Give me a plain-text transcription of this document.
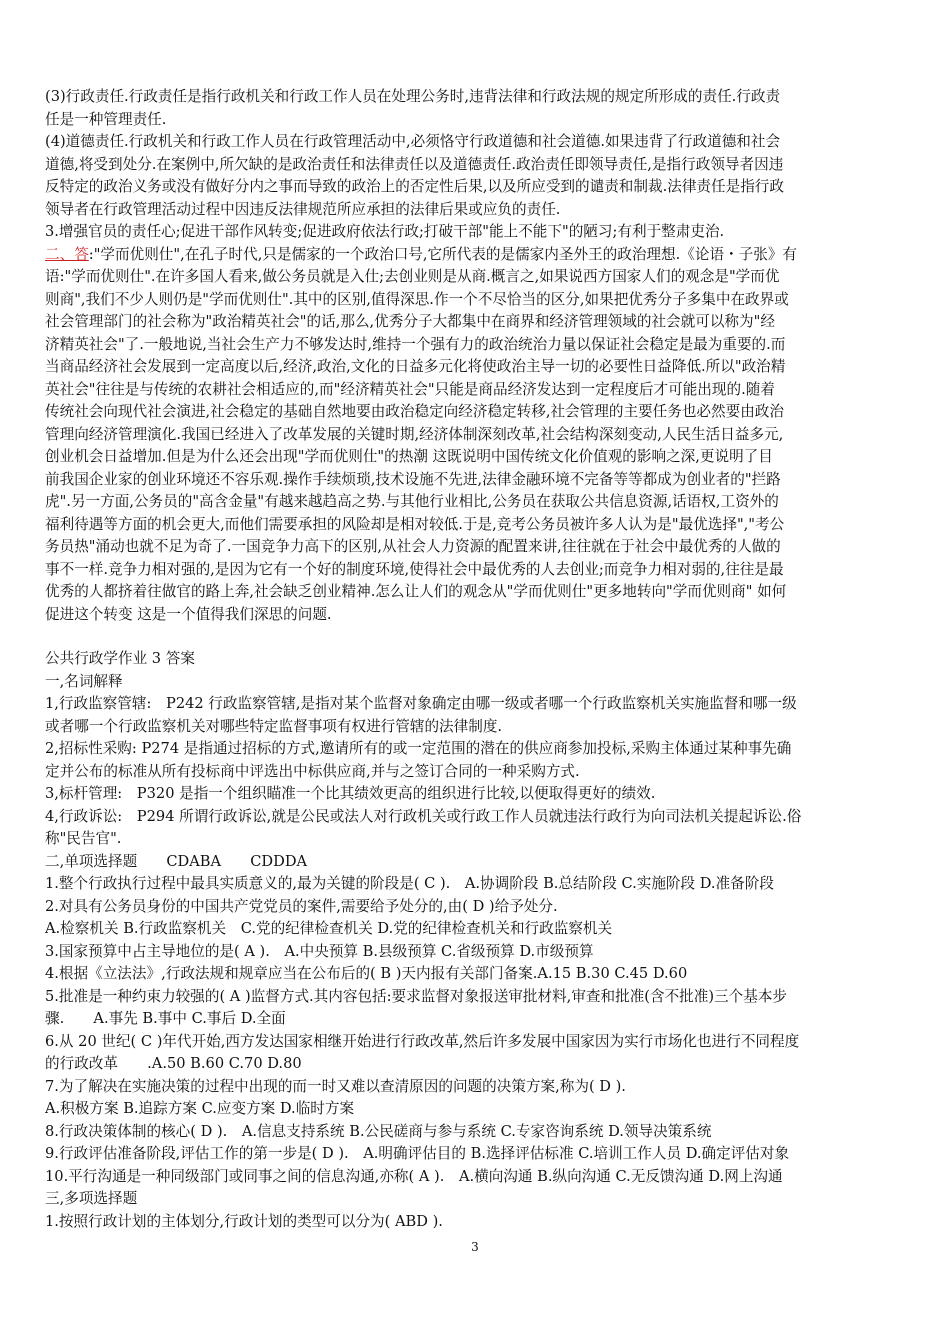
(3)行政责任.行政责任是指行政机关和行政工作人员在处理公务时,违背法律和行政法规的规定所形成的责任.行政责
任是一种管理责任.
(4)道德责任.行政机关和行政工作人员在行政管理活动中,必须恪守行政道德和社会道德.如果违背了行政道德和社会
道德,将受到处分.在案例中,所欠缺的是政治责任和法律责任以及道德责任.政治责任即领导责任,是指行政领导者因违
反特定的政治义务或没有做好分内之事而导致的政治上的否定性后果,以及所应受到的谴责和制裁.法律责任是指行政
领导者在行政管理活动过程中因违反法律规范所应承担的法律后果或应负的责任.
3.增强官员的责任心;促进干部作风转变;促进政府依法行政;打破干部"能上不能下"的陋习;有利于整肃吏治.
二、答:"学而优则仕",在孔子时代,只是儒家的一个政治口号,它所代表的是儒家内圣外王的政治理想.《论语・子张》有
语:"学而优则仕".在许多国人看来,做公务员就是入仕;去创业则是从商.概言之,如果说西方国家人们的观念是"学而优
则商",我们不少人则仍是"学而优则仕".其中的区别,值得深思.作一个不尽恰当的区分,如果把优秀分子多集中在政界或
社会管理部门的社会称为"政治精英社会"的话,那么,优秀分子大都集中在商界和经济管理领域的社会就可以称为"经
济精英社会"了.一般地说,当社会生产力不够发达时,维持一个强有力的政治统治力量以保证社会稳定是最为重要的.而
当商品经济社会发展到一定高度以后,经济,政治,文化的日益多元化将使政治主导一切的必要性日益降低.所以"政治精
英社会"往往是与传统的农耕社会相适应的,而"经济精英社会"只能是商品经济发达到一定程度后才可能出现的.随着
传统社会向现代社会演进,社会稳定的基础自然地要由政治稳定向经济稳定转移,社会管理的主要任务也必然要由政治
管理向经济管理演化.我国已经进入了改革发展的关键时期,经济体制深刻改革,社会结构深刻变动,人民生活日益多元,
创业机会日益增加.但是为什么还会出现"学而优则仕"的热潮 这既说明中国传统文化价值观的影响之深,更说明了目
前我国企业家的创业环境还不容乐观.操作手续烦琐,技术设施不先进,法律金融环境不完备等等都成为创业者的"拦路
虎".另一方面,公务员的"高含金量"有越来越趋高之势.与其他行业相比,公务员在获取公共信息资源,话语权,工资外的
福利待遇等方面的机会更大,而他们需要承担的风险却是相对较低.于是,竞考公务员被许多人认为是"最优选择","考公
务员热"涌动也就不足为奇了.一国竞争力高下的区别,从社会人力资源的配置来讲,往往就在于社会中最优秀的人做的
事不一样.竞争力相对强的,是因为它有一个好的制度环境,使得社会中最优秀的人去创业;而竞争力相对弱的,往往是最
优秀的人都挤着往做官的路上奔,社会缺乏创业精神.怎么让人们的观念从"学而优则仕"更多地转向"学而优则商" 如何
促进这个转变 这是一个值得我们深思的问题.
公共行政学作业 3 答案
一,名词解释
1,行政监察管辖:　P242 行政监察管辖,是指对某个监督对象确定由哪一级或者哪一个行政监察机关实施监督和哪一级
或者哪一个行政监察机关对哪些特定监督事项有权进行管辖的法律制度.
2,招标性采购: P274 是指通过招标的方式,邀请所有的或一定范围的潜在的供应商参加投标,采购主体通过某种事先确
定并公布的标准从所有投标商中评选出中标供应商,并与之签订合同的一种采购方式.
3,标杆管理:　P320 是指一个组织瞄准一个比其绩效更高的组织进行比较,以便取得更好的绩效.
4,行政诉讼:　P294 所谓行政诉讼,就是公民或法人对行政机关或行政工作人员就违法行政行为向司法机关提起诉讼.俗
称"民告官".
二,单项选择题　　CDABA　　CDDDA
1.整个行政执行过程中最具实质意义的,最为关键的阶段是( C ).　A.协调阶段 B.总结阶段 C.实施阶段 D.准备阶段
2.对具有公务员身份的中国共产党党员的案件,需要给予处分的,由( D )给予处分.
A.检察机关 B.行政监察机关　C.党的纪律检查机关 D.党的纪律检查机关和行政监察机关
3.国家预算中占主导地位的是( A ).　A.中央预算 B.县级预算 C.省级预算 D.市级预算
4.根据《立法法》,行政法规和规章应当在公布后的( B )天内报有关部门备案.A.15 B.30 C.45 D.60
5.批准是一种约束力较强的( A )监督方式.其内容包括:要求监督对象报送审批材料,审查和批准(含不批准)三个基本步
骤.　　A.事先 B.事中 C.事后 D.全面
6.从 20 世纪( C )年代开始,西方发达国家相继开始进行行政改革,然后许多发展中国家因为实行市场化也进行不同程度
的行政改革　　.A.50 B.60 C.70 D.80
7.为了解决在实施决策的过程中出现的而一时又难以查清原因的问题的决策方案,称为( D ).
A.积极方案 B.追踪方案 C.应变方案 D.临时方案
8.行政决策体制的核心( D ).　A.信息支持系统 B.公民磋商与参与系统 C.专家咨询系统 D.领导决策系统
9.行政评估准备阶段,评估工作的第一步是( D ).　A.明确评估目的 B.选择评估标准 C.培训工作人员 D.确定评估对象
10.平行沟通是一种同级部门或同事之间的信息沟通,亦称( A ).　A.横向沟通 B.纵向沟通 C.无反馈沟通 D.网上沟通
三,多项选择题
1.按照行政计划的主体划分,行政计划的类型可以分为( ABD ).
3
